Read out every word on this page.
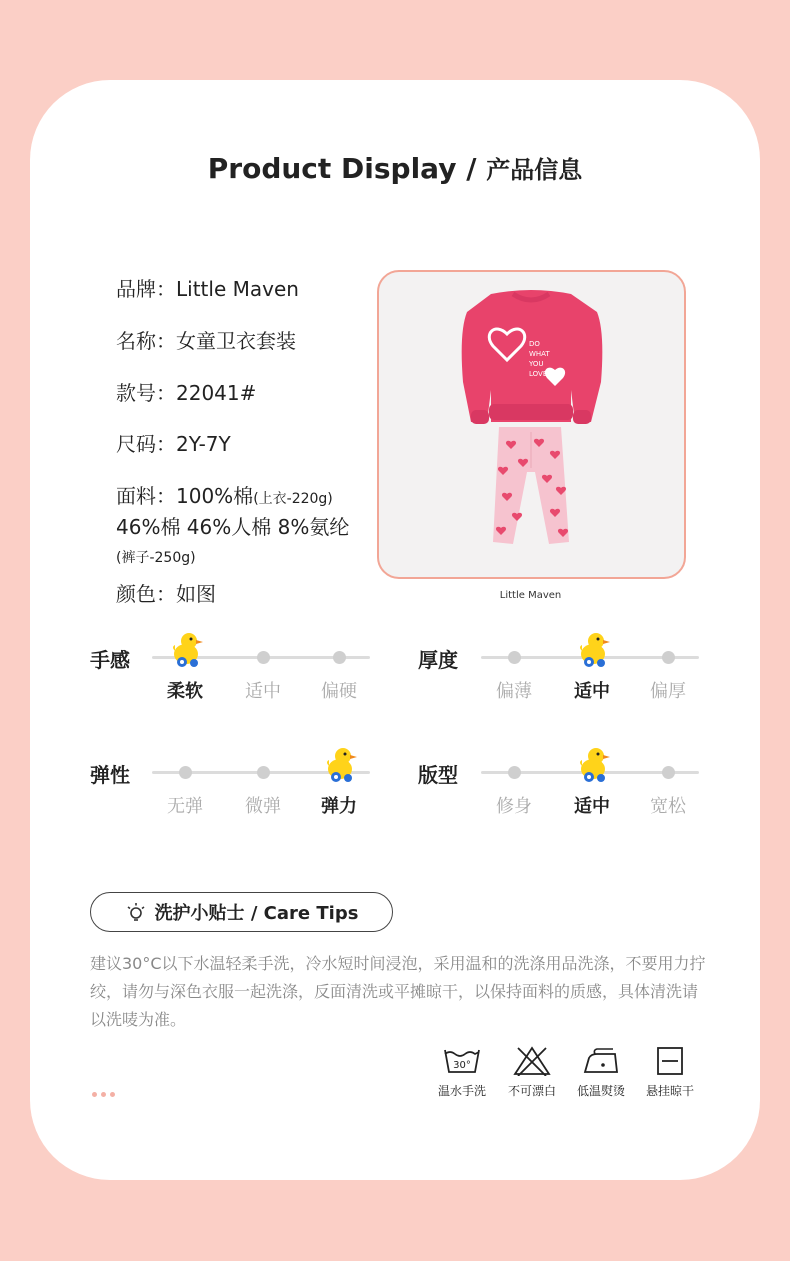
Product Display / 产品信息
品牌：Little Maven
名称：女童卫衣套装
款号：22041#
尺码：2Y-7Y
面料：100%棉(上衣-220g)
46%棉 46%人棉 8%氨纶
(裤子-250g)
颜色：如图
DO
WHAT
YOU
LOVE
Little Maven
手感
柔软	适中	偏硬
厚度
偏薄	适中	偏厚
弹性
无弹	微弹	弹力
版型
修身	适中	宽松
洗护小贴士 / Care Tips
建议30°C以下水温轻柔手洗，冷水短时间浸泡，采用温和的洗涤用品洗涤，不要用力拧绞，请勿与深色衣服一起洗涤，反面清洗或平摊晾干，以保持面料的质感，具体清洗请以洗唛为准。
30°
温水手洗	不可漂白	低温熨烫	悬挂晾干
